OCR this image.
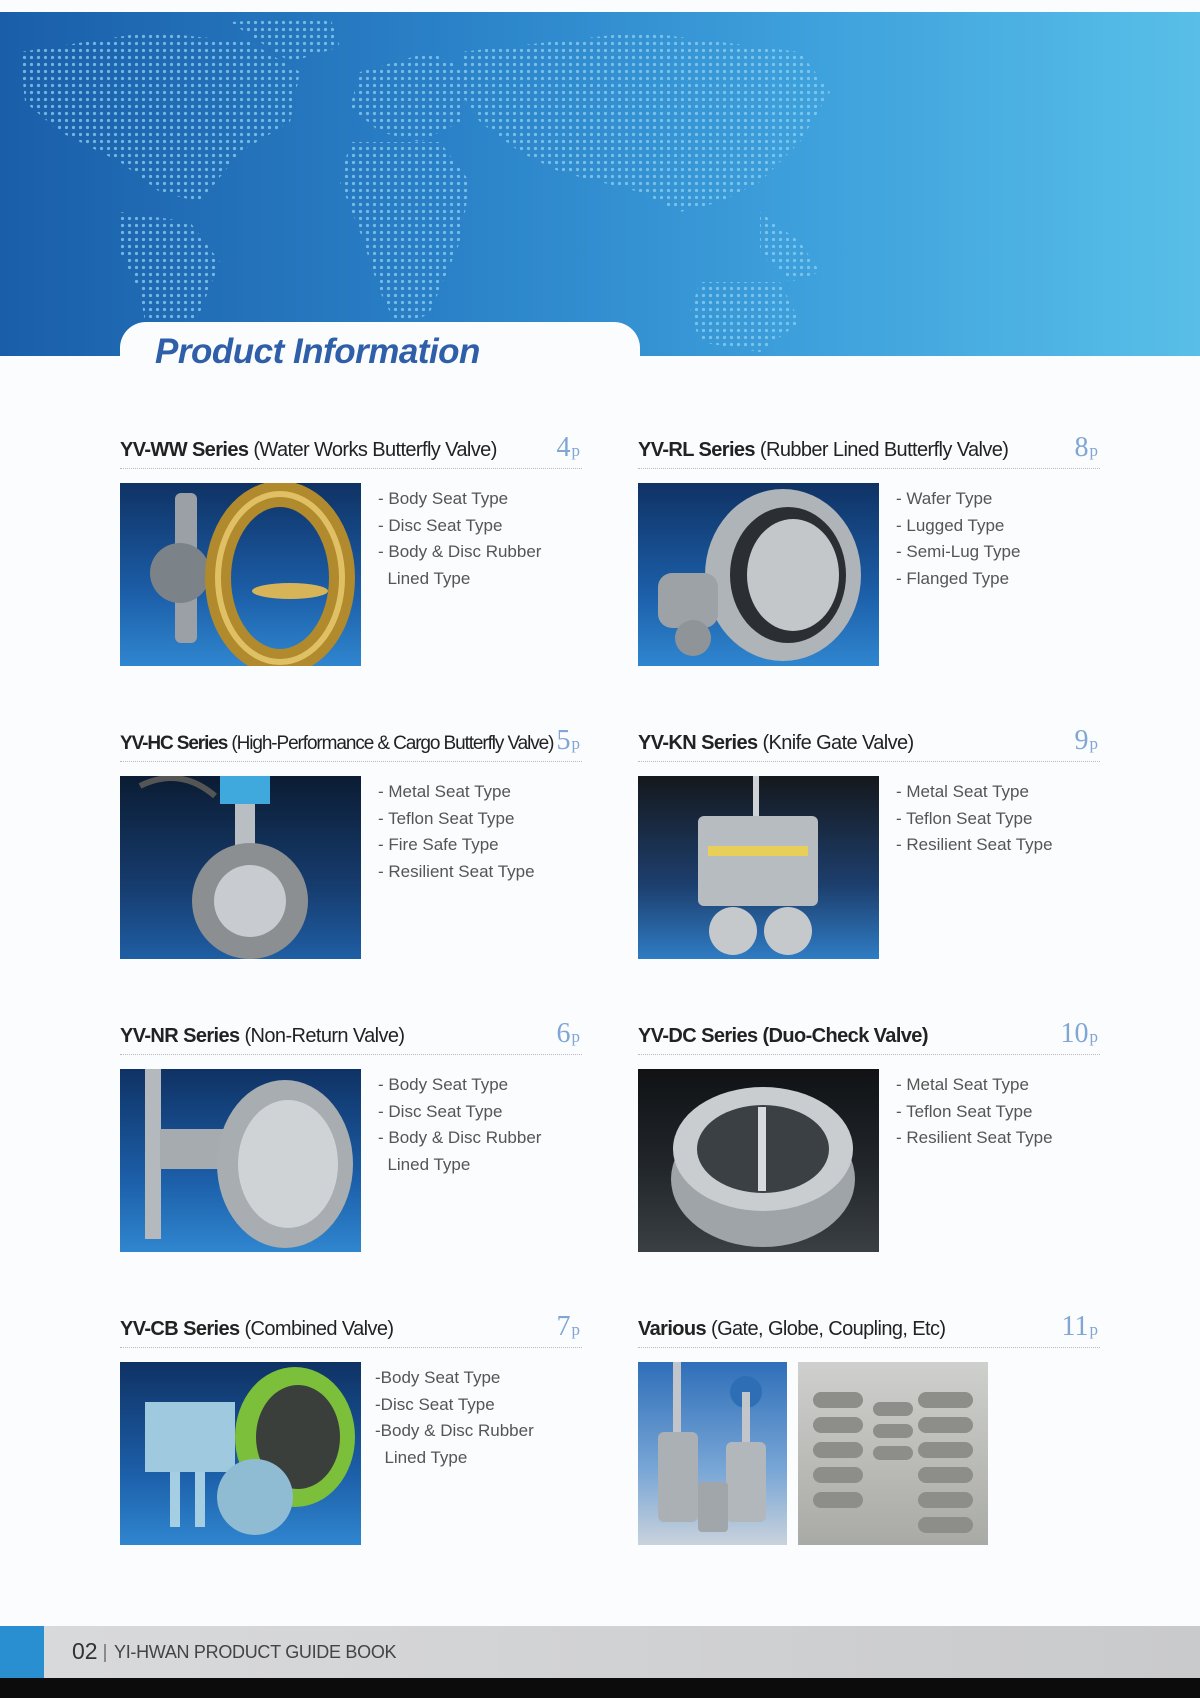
Product Information
YV-WW Series (Water Works Butterfly Valve) 4p
- Body Seat Type
- Disc Seat Type
- Body & Disc Rubber
Lined Type
YV-RL Series (Rubber Lined Butterfly Valve) 8p
- Wafer Type
- Lugged Type
- Semi-Lug Type
- Flanged Type
YV-HC Series (High-Performance & Cargo Butterfly Valve) 5p
- Metal Seat Type
- Teflon Seat Type
- Fire Safe Type
- Resilient Seat Type
YV-KN Series (Knife Gate Valve)	9p
- Metal Seat Type
- Teflon Seat Type
- Resilient Seat Type
YV-NR Series (Non-Return Valve)	6p
- Body Seat Type
- Disc Seat Type
- Body & Disc Rubber
Lined Type
YV-DC Series (Duo-Check Valve)	10p
- Metal Seat Type
- Teflon Seat Type
- Resilient Seat Type
YV-CB Series (Combined Valve)	7p
-Body Seat Type
-Disc Seat Type
-Body & Disc Rubber
Lined Type
Various (Gate, Globe, Coupling, Etc)	11p
02 YI-HWAN PRODUCT GUIDE BOOK
